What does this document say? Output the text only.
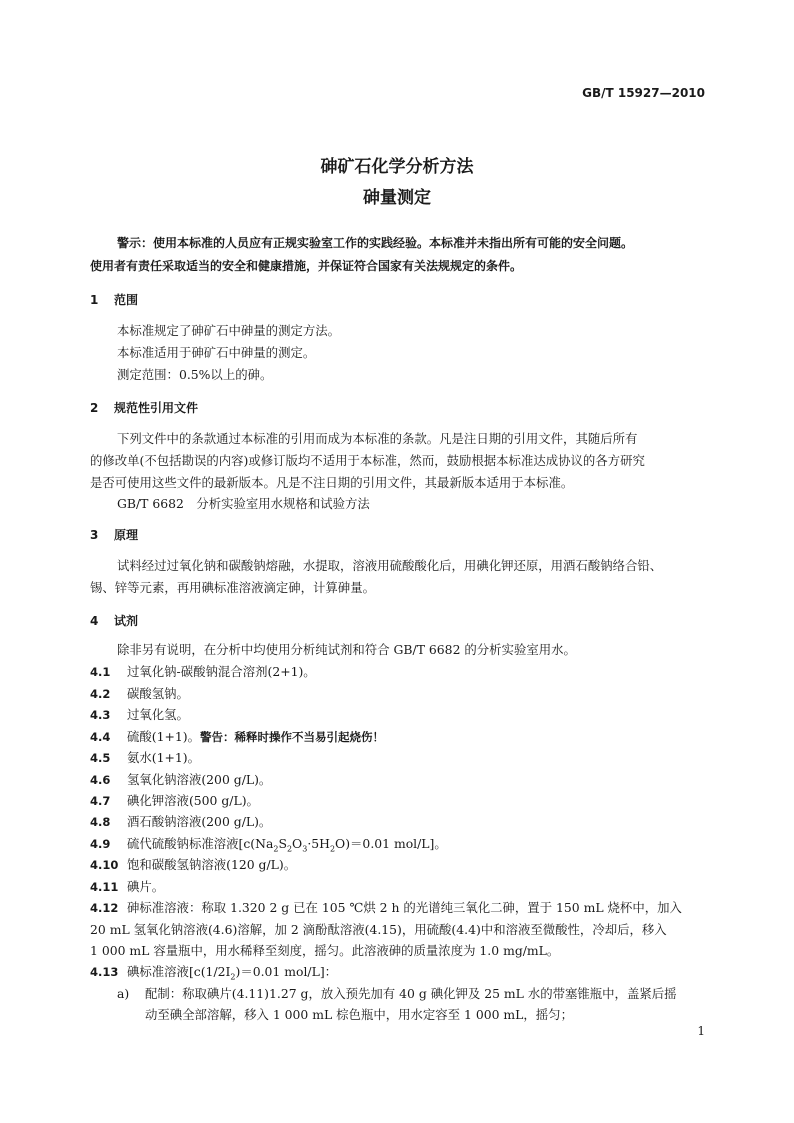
GB/T 15927—2010
砷矿石化学分析方法
砷量测定
警示：使用本标准的人员应有正规实验室工作的实践经验。本标准并未指出所有可能的安全问题。
使用者有责任采取适当的安全和健康措施，并保证符合国家有关法规规定的条件。
1 范围
本标准规定了砷矿石中砷量的测定方法。
本标准适用于砷矿石中砷量的测定。
测定范围：0.5%以上的砷。
2 规范性引用文件
下列文件中的条款通过本标准的引用而成为本标准的条款。凡是注日期的引用文件，其随后所有
的修改单(不包括勘误的内容)或修订版均不适用于本标准，然而，鼓励根据本标准达成协议的各方研究
是否可使用这些文件的最新版本。凡是不注日期的引用文件，其最新版本适用于本标准。
GB/T 6682　分析实验室用水规格和试验方法
3 原理
试料经过过氧化钠和碳酸钠熔融，水提取，溶液用硫酸酸化后，用碘化钾还原，用酒石酸钠络合铅、
锡、锌等元素，再用碘标准溶液滴定砷，计算砷量。
4 试剂
除非另有说明，在分析中均使用分析纯试剂和符合 GB/T 6682 的分析实验室用水。
4.1 过氧化钠-碳酸钠混合溶剂(2+1)。
4.2 碳酸氢钠。
4.3 过氧化氢。
4.4 硫酸(1+1)。警告：稀释时操作不当易引起烧伤！
4.5 氨水(1+1)。
4.6 氢氧化钠溶液(200 g/L)。
4.7 碘化钾溶液(500 g/L)。
4.8 酒石酸钠溶液(200 g/L)。
4.9 硫代硫酸钠标准溶液[$c(Na_2S_2O_3\cdot 5H_2O)=0.01$ mol/L]。
4.10 饱和碳酸氢钠溶液(120 g/L)。
4.11 碘片。
4.12 砷标准溶液：称取 1.320 2 g 已在 105 ℃烘 2 h 的光谱纯三氧化二砷，置于 150 mL 烧杯中，加入
20 mL 氢氧化钠溶液(4.6)溶解，加 2 滴酚酞溶液(4.15)，用硫酸(4.4)中和溶液至微酸性，冷却后，移入
1 000 mL 容量瓶中，用水稀释至刻度，摇匀。此溶液砷的质量浓度为 1.0 mg/mL。
4.13 碘标准溶液[$c(1/2I_2)=0.01$ mol/L]：
a) 配制：称取碘片(4.11)1.27 g，放入预先加有 40 g 碘化钾及 25 mL 水的带塞锥瓶中，盖紧后摇
动至碘全部溶解，移入 1 000 mL 棕色瓶中，用水定容至 1 000 mL，摇匀；
1
